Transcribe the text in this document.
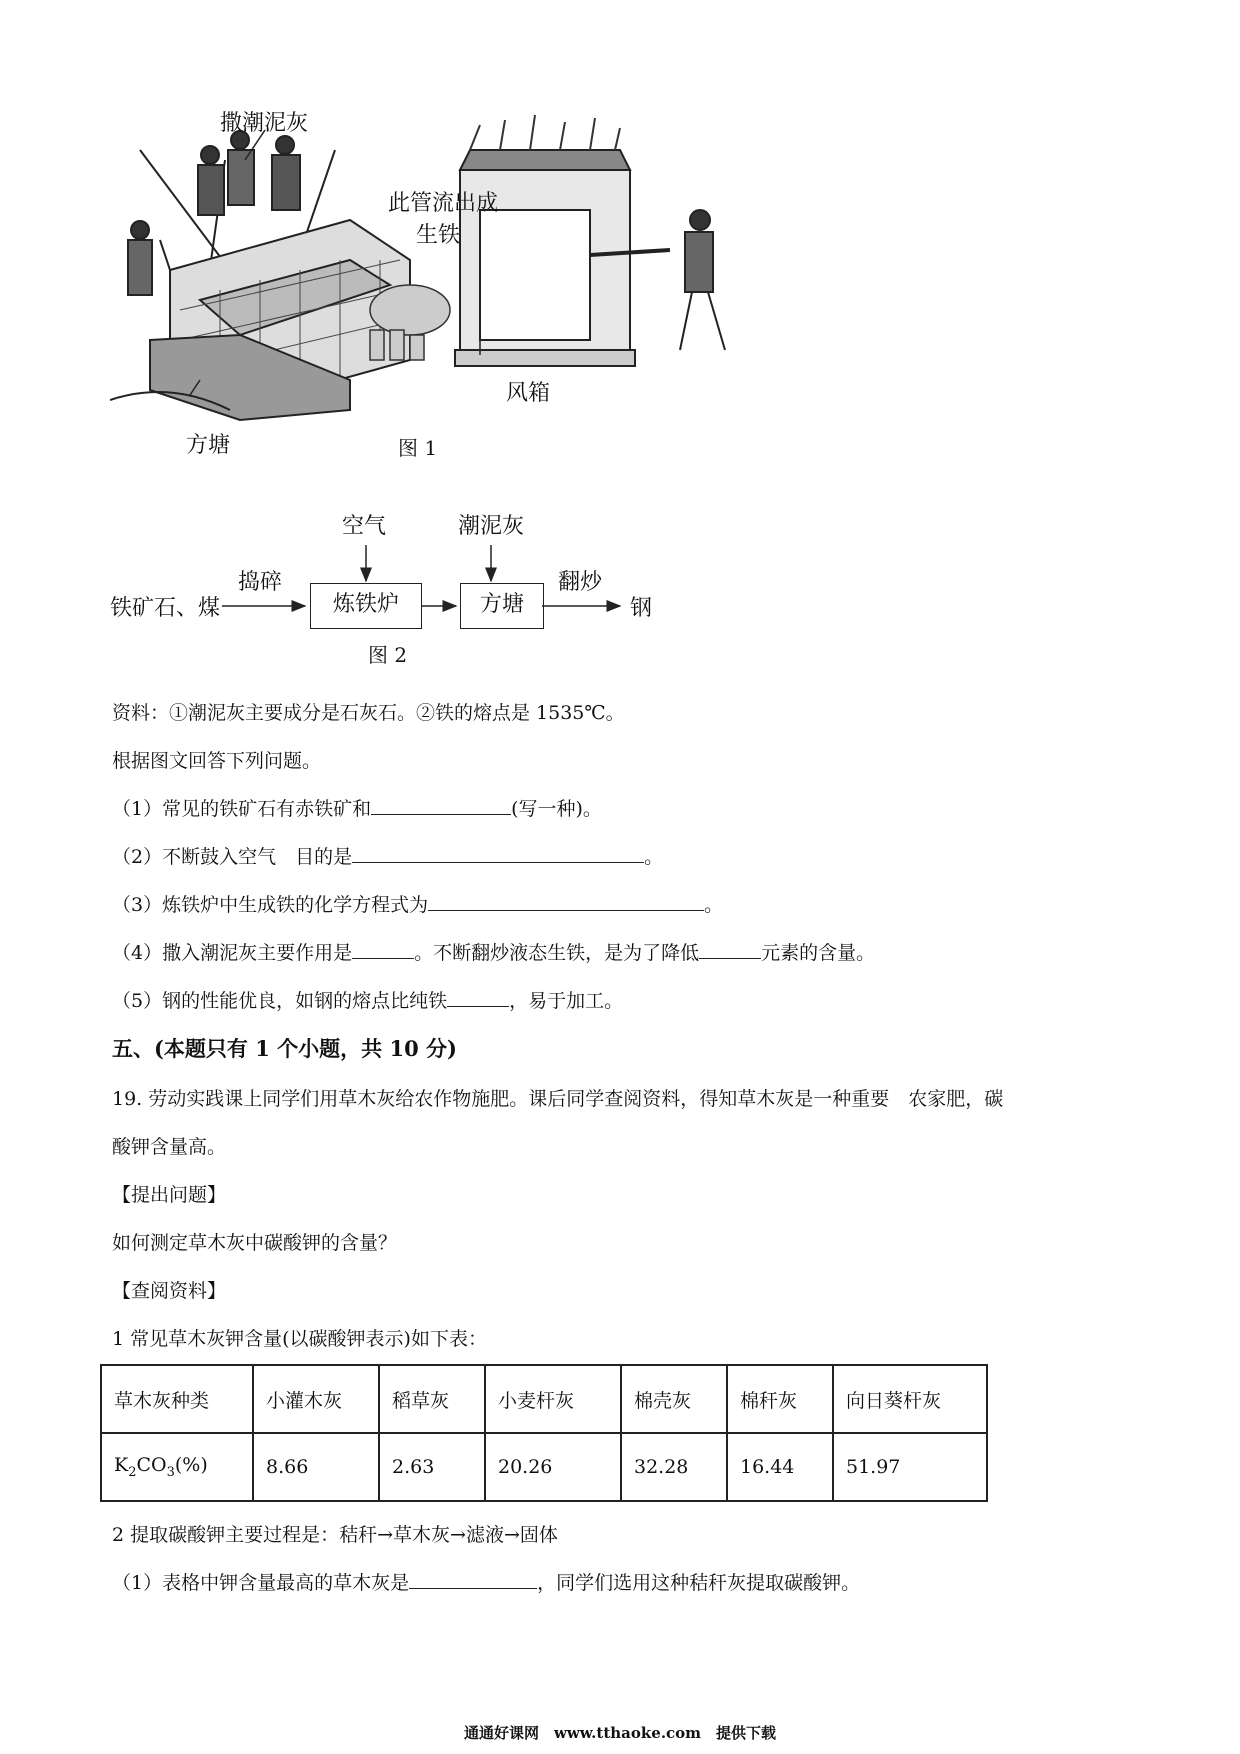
撒潮泥灰
此管流出成
生铁
风箱
方塘	图 1
铁矿石、煤
捣碎
空气
炼铁炉
潮泥灰
方塘
翻炒
钢
图 2
资料：①潮泥灰主要成分是石灰石。②铁的熔点是 1535℃。
根据图文回答下列问题。
（1）常见的铁矿石有赤铁矿和	(写一种)。
（2）不断鼓入空气　目的是	。
（3）炼铁炉中生成铁的化学方程式为	。
（4）撒入潮泥灰主要作用是	。不断翻炒液态生铁，是为了降低	元素的含量。
（5）钢的性能优良，如钢的熔点比纯铁	，易于加工。
五、(本题只有 1 个小题，共 10 分)
19. 劳动实践课上同学们用草木灰给农作物施肥。课后同学查阅资料，得知草木灰是一种重要　农家肥，碳
酸钾含量高。
【提出问题】
如何测定草木灰中碳酸钾的含量？
【查阅资料】
1 常见草木灰钾含量(以碳酸钾表示)如下表：
草木灰种类	小灌木灰	稻草灰	小麦杆灰	棉壳灰	棉秆灰	向日葵杆灰
$K_2CO_3(\%)$	8.66	2.63	20.26	32.28	16.44	51.97
2 提取碳酸钾主要过程是：秸秆→草木灰→滤液→固体
（1）表格中钾含量最高的草木灰是	，同学们选用这种秸秆灰提取碳酸钾。
通通好课网　www.tthaoke.com　提供下载
